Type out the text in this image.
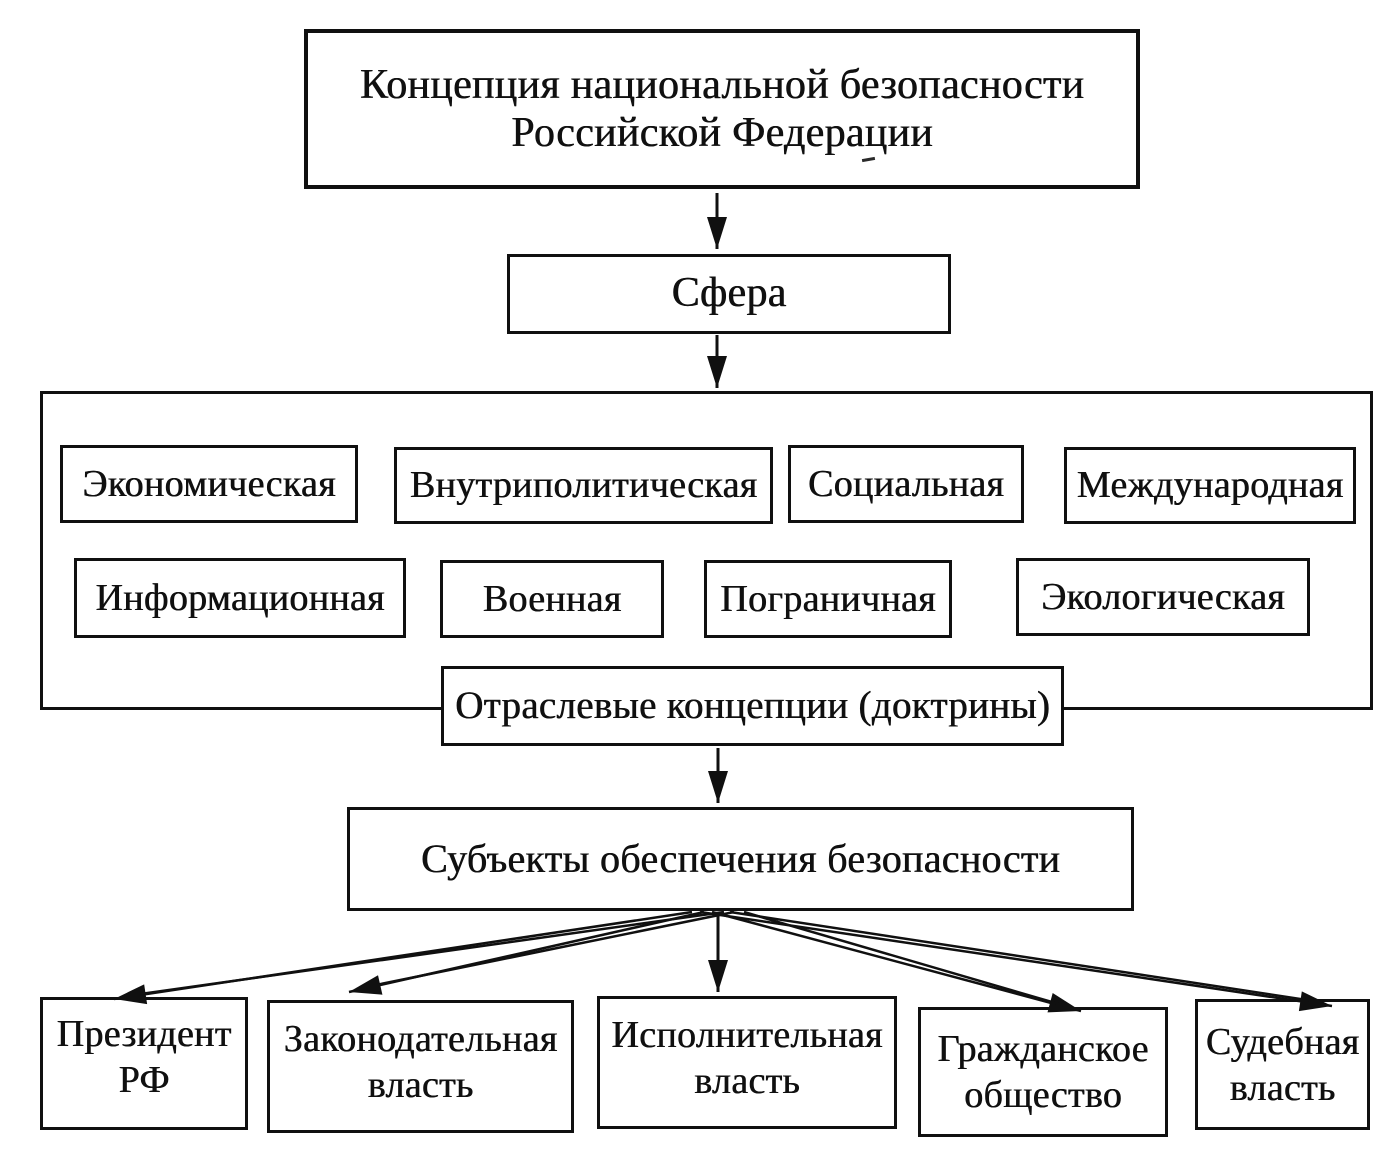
Концепция национальной безопасности
Российской Федерации
Сфера
Экономическая Внутриполитическая Социальная Международная
Информационная	Военная	Пограничная	Экологическая
Отраслевые концепции (доктрины)
Субъекты обеспечения безопасности
Президент
РФ
Законодательная
власть
Исполнительная
власть
Гражданское
общество
Судебная
власть
